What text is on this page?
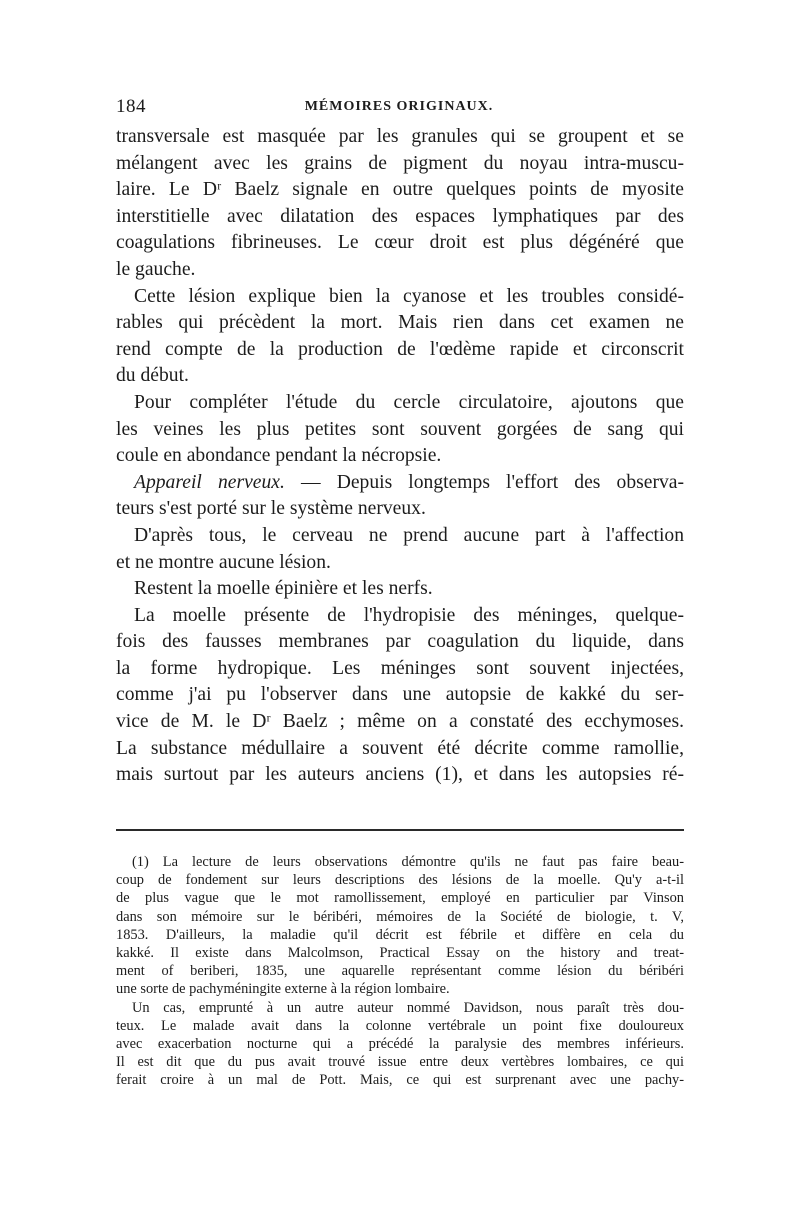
184	MÉMOIRES ORIGINAUX.
transversale est masquée par les granules qui se groupent et se
mélangent avec les grains de pigment du noyau intra-muscu-
laire. Le Dʳ Baelz signale en outre quelques points de myosite
interstitielle avec dilatation des espaces lymphatiques par des
coagulations fibrineuses. Le cœur droit est plus dégénéré que
le gauche.
Cette lésion explique bien la cyanose et les troubles considé-
rables qui précèdent la mort. Mais rien dans cet examen ne
rend compte de la production de l'œdème rapide et circonscrit
du début.
Pour compléter l'étude du cercle circulatoire, ajoutons que
les veines les plus petites sont souvent gorgées de sang qui
coule en abondance pendant la nécropsie.
Appareil nerveux. — Depuis longtemps l'effort des observa-
teurs s'est porté sur le système nerveux.
D'après tous, le cerveau ne prend aucune part à l'affection
et ne montre aucune lésion.
Restent la moelle épinière et les nerfs.
La moelle présente de l'hydropisie des méninges, quelque-
fois des fausses membranes par coagulation du liquide, dans
la forme hydropique. Les méninges sont souvent injectées,
comme j'ai pu l'observer dans une autopsie de kakké du ser-
vice de M. le Dʳ Baelz ; même on a constaté des ecchymoses.
La substance médullaire a souvent été décrite comme ramollie,
mais surtout par les auteurs anciens (1), et dans les autopsies ré-
(1) La lecture de leurs observations démontre qu'ils ne faut pas faire beau-
coup de fondement sur leurs descriptions des lésions de la moelle. Qu'y a-t-il
de plus vague que le mot ramollissement, employé en particulier par Vinson
dans son mémoire sur le béribéri, mémoires de la Société de biologie, t. V,
1853. D'ailleurs, la maladie qu'il décrit est fébrile et diffère en cela du
kakké. Il existe dans Malcolmson, Practical Essay on the history and treat-
ment of beriberi, 1835, une aquarelle représentant comme lésion du béribéri
une sorte de pachyméningite externe à la région lombaire.
Un cas, emprunté à un autre auteur nommé Davidson, nous paraît très dou-
teux. Le malade avait dans la colonne vertébrale un point fixe douloureux
avec exacerbation nocturne qui a précédé la paralysie des membres inférieurs.
Il est dit que du pus avait trouvé issue entre deux vertèbres lombaires, ce qui
ferait croire à un mal de Pott. Mais, ce qui est surprenant avec une pachy-
